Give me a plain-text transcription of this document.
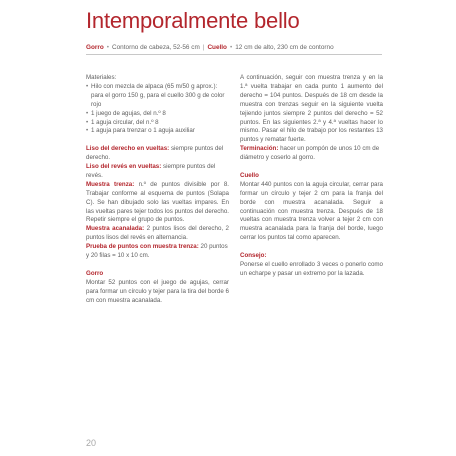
Intemporalmente bello
Gorro • Contorno de cabeza, 52-56 cm | Cuello • 12 cm de alto, 230 cm de contorno

Materiales:

• Hilo con mezcla de alpaca (65 m/50 g aprox.): para el gorro 150 g, para el cuello 300 g de color rojo
• 1 juego de agujas, del n.º 8
• 1 aguja circular, del n.º 8
• 1 aguja para trenzar o 1 aguja auxiliar

Liso del derecho en vueltas: siempre puntos del derecho.

Liso del revés en vueltas: siempre puntos del revés.

Muestra trenza: n.º de puntos divisible por 8. Trabajar conforme al esquema de puntos (Solapa C). Se han dibujado solo las vueltas impares. En las vueltas pares tejer todos los puntos del derecho. Repetir siempre el grupo de puntos.

Muestra acanalada: 2 puntos lisos del derecho, 2 puntos lisos del revés en alternancia.

Prueba de puntos con muestra trenza: 20 puntos y 20 filas = 10 x 10 cm.

Gorro

Montar 52 puntos con el juego de agujas, cerrar para formar un círculo y tejer para la tira del borde 6 cm con muestra acanalada.

A continuación, seguir con muestra trenza y en la 1.ª vuelta trabajar en cada punto 1 aumento del derecho = 104 puntos. Después de 18 cm desde la muestra con trenzas seguir en la siguiente vuelta tejiendo juntos siempre 2 puntos del derecho = 52 puntos. En las siguientes 2.ª y 4.ª vueltas hacer lo mismo. Pasar el hilo de trabajo por los restantes 13 puntos y rematar fuerte.

Terminación: hacer un pompón de unos 10 cm de diámetro y coserlo al gorro.

Cuello

Montar 440 puntos con la aguja circular, cerrar para formar un círculo y tejer 2 cm para la franja del borde con muestra acanalada. Seguir a continuación con muestra trenza. Después de 18 vueltas con muestra trenza volver a tejer 2 cm con muestra acanalada para la franja del borde, luego cerrar los puntos tal como aparecen.

Consejo:

Ponerse el cuello enrollado 3 veces o ponerlo como un echarpe y pasar un extremo por la lazada.

20
